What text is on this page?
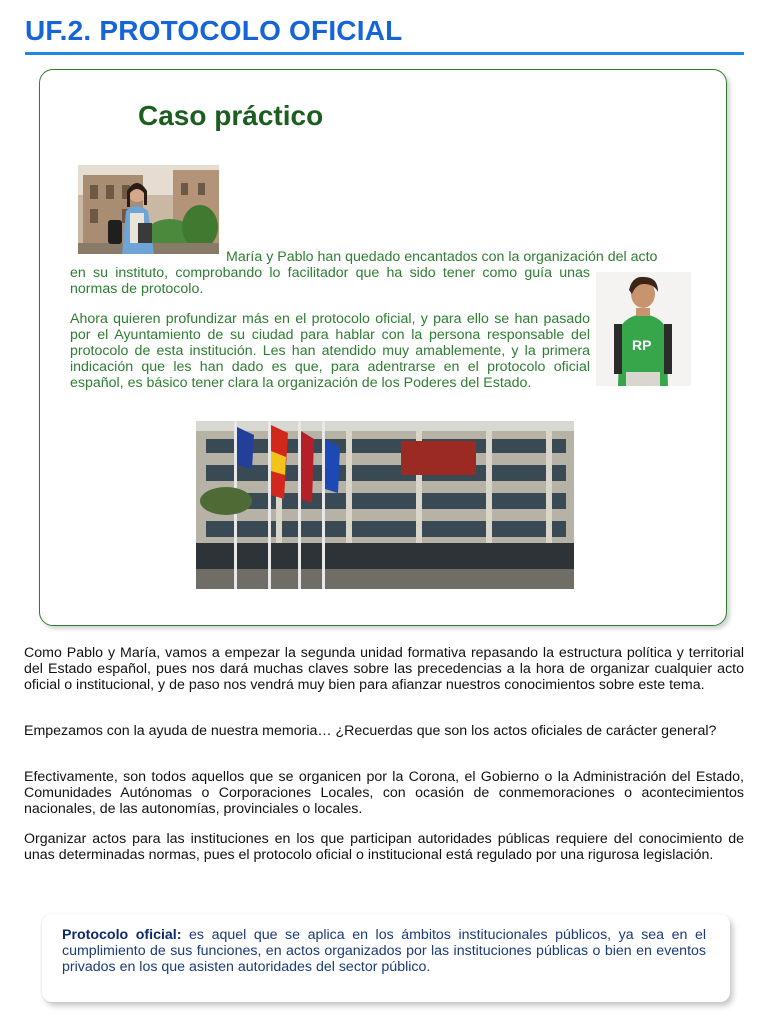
UF.2. PROTOCOLO OFICIAL
Caso práctico

María y Pablo han quedado encantados con la organización del acto

en su instituto, comprobando lo facilitador que ha sido tener como guía unas normas de protocolo.

Ahora quieren profundizar más en el protocolo oficial, y para ello se han pasado por el Ayuntamiento de su ciudad para hablar con la persona responsable del protocolo de esta institución. Les han atendido muy amablemente, y la primera indicación que les han dado es que, para adentrarse en el protocolo oficial español, es básico tener clara la organización de los Poderes del Estado.

RP

Como Pablo y María, vamos a empezar la segunda unidad formativa repasando la estructura política y territorial del Estado español, pues nos dará muchas claves sobre las precedencias a la hora de organizar cualquier acto oficial o institucional, y de paso nos vendrá muy bien para afianzar nuestros conocimientos sobre este tema.

Empezamos con la ayuda de nuestra memoria… ¿Recuerdas que son los actos oficiales de carácter general?

Efectivamente, son todos aquellos que se organicen por la Corona, el Gobierno o la Administración del Estado, Comunidades Autónomas o Corporaciones Locales, con ocasión de conmemoraciones o acontecimientos nacionales, de las autonomías, provinciales o locales.

Organizar actos para las instituciones en los que participan autoridades públicas requiere del conocimiento de unas determinadas normas, pues el protocolo oficial o institucional está regulado por una rigurosa legislación.

Protocolo oficial: es aquel que se aplica en los ámbitos institucionales públicos, ya sea en el cumplimiento de sus funciones, en actos organizados por las instituciones públicas o bien en eventos privados en los que asisten autoridades del sector público.
